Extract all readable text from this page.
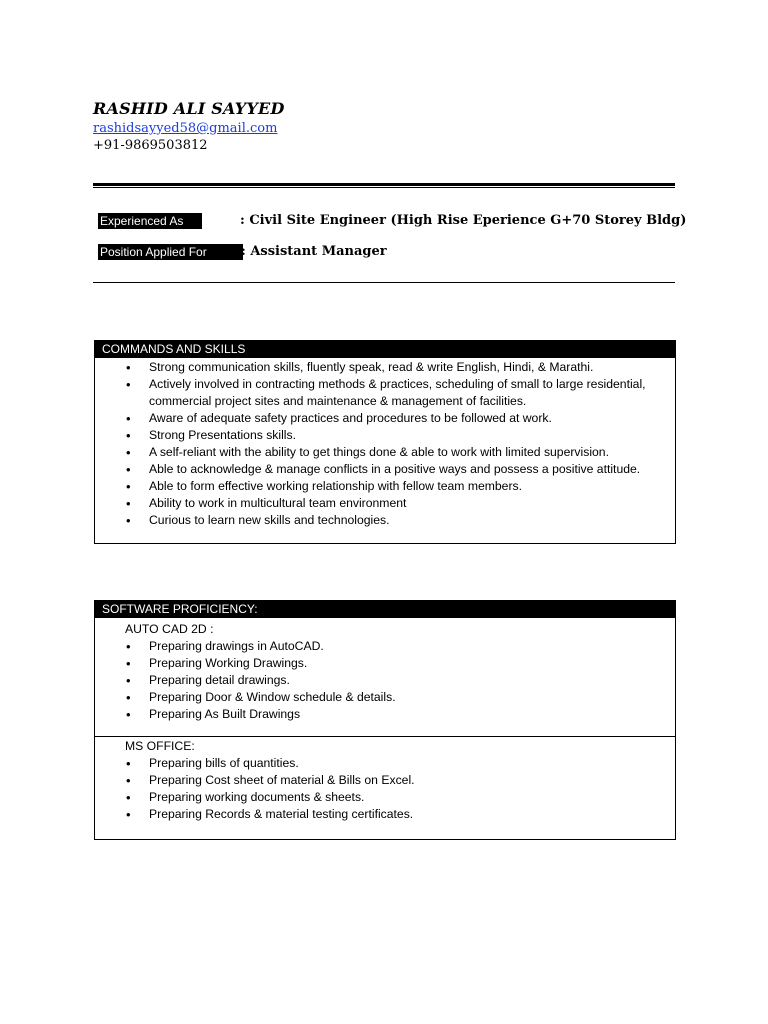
RASHID ALI SAYYED
rashidsayyed58@gmail.com
+91-9869503812
Experienced As	: Civil Site Engineer (High Rise Eperience G+70 Storey Bldg)
Position Applied For	: Assistant Manager
COMMANDS AND SKILLS
• Strong communication skills, fluently speak, read & write English, Hindi, & Marathi.
• Actively involved in contracting methods & practices, scheduling of small to large residential, commercial project sites and maintenance & management of facilities.
• Aware of adequate safety practices and procedures to be followed at work.
• Strong Presentations skills.
• A self-reliant with the ability to get things done & able to work with limited supervision.
• Able to acknowledge & manage conflicts in a positive ways and possess a positive attitude.
• Able to form effective working relationship with fellow team members.
• Ability to work in multicultural team environment
• Curious to learn new skills and technologies.
SOFTWARE PROFICIENCY:
AUTO CAD 2D :
• Preparing drawings in AutoCAD.
• Preparing Working Drawings.
• Preparing detail drawings.
• Preparing Door & Window schedule & details.
• Preparing As Built Drawings
MS OFFICE:
• Preparing bills of quantities.
• Preparing Cost sheet of material & Bills on Excel.
• Preparing working documents & sheets.
• Preparing Records & material testing certificates.
